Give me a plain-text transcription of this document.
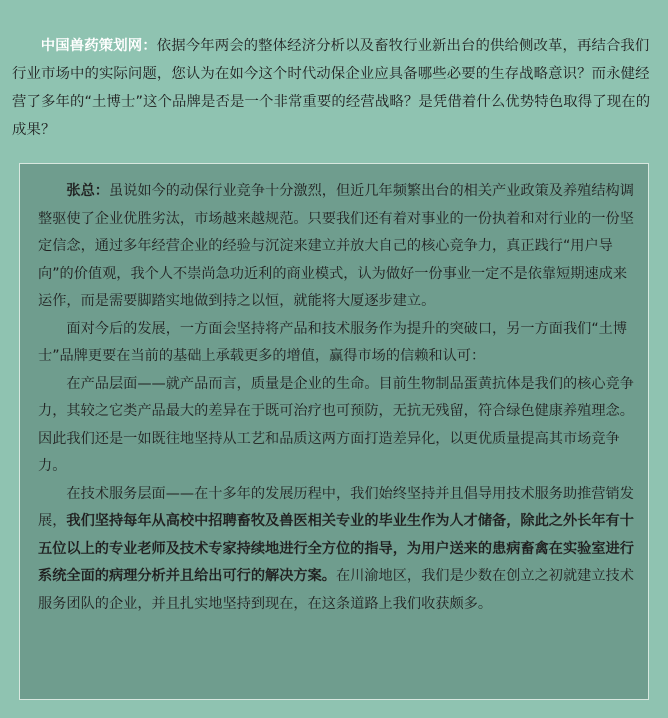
中国兽药策划网：依据今年两会的整体经济分析以及畜牧行业新出台的供给侧改革，再结合我们行业市场中的实际问题，您认为在如今这个时代动保企业应具备哪些必要的生存战略意识？而永健经营了多年的“土博士”这个品牌是否是一个非常重要的经营战略？是凭借着什么优势特色取得了现在的成果？

张总：虽说如今的动保行业竞争十分激烈，但近几年频繁出台的相关产业政策及养殖结构调整驱使了企业优胜劣汰，市场越来越规范。只要我们还有着对事业的一份执着和对行业的一份坚定信念，通过多年经营企业的经验与沉淀来建立并放大自己的核心竞争力，真正践行“用户导向”的价值观，我个人不崇尚急功近利的商业模式，认为做好一份事业一定不是依靠短期速成来运作，而是需要脚踏实地做到持之以恒，就能将大厦逐步建立。

面对今后的发展，一方面会坚持将产品和技术服务作为提升的突破口，另一方面我们“土博士”品牌更要在当前的基础上承载更多的增值，赢得市场的信赖和认可：

在产品层面——就产品而言，质量是企业的生命。目前生物制品蛋黄抗体是我们的核心竞争力，其较之它类产品最大的差异在于既可治疗也可预防，无抗无残留，符合绿色健康养殖理念。因此我们还是一如既往地坚持从工艺和品质这两方面打造差异化，以更优质量提高其市场竞争力。

在技术服务层面——在十多年的发展历程中，我们始终坚持并且倡导用技术服务助推营销发展，我们坚持每年从高校中招聘畜牧及兽医相关专业的毕业生作为人才储备，除此之外长年有十五位以上的专业老师及技术专家持续地进行全方位的指导，为用户送来的患病畜禽在实验室进行系统全面的病理分析并且给出可行的解决方案。在川渝地区，我们是少数在创立之初就建立技术服务团队的企业，并且扎实地坚持到现在，在这条道路上我们收获颇多。
